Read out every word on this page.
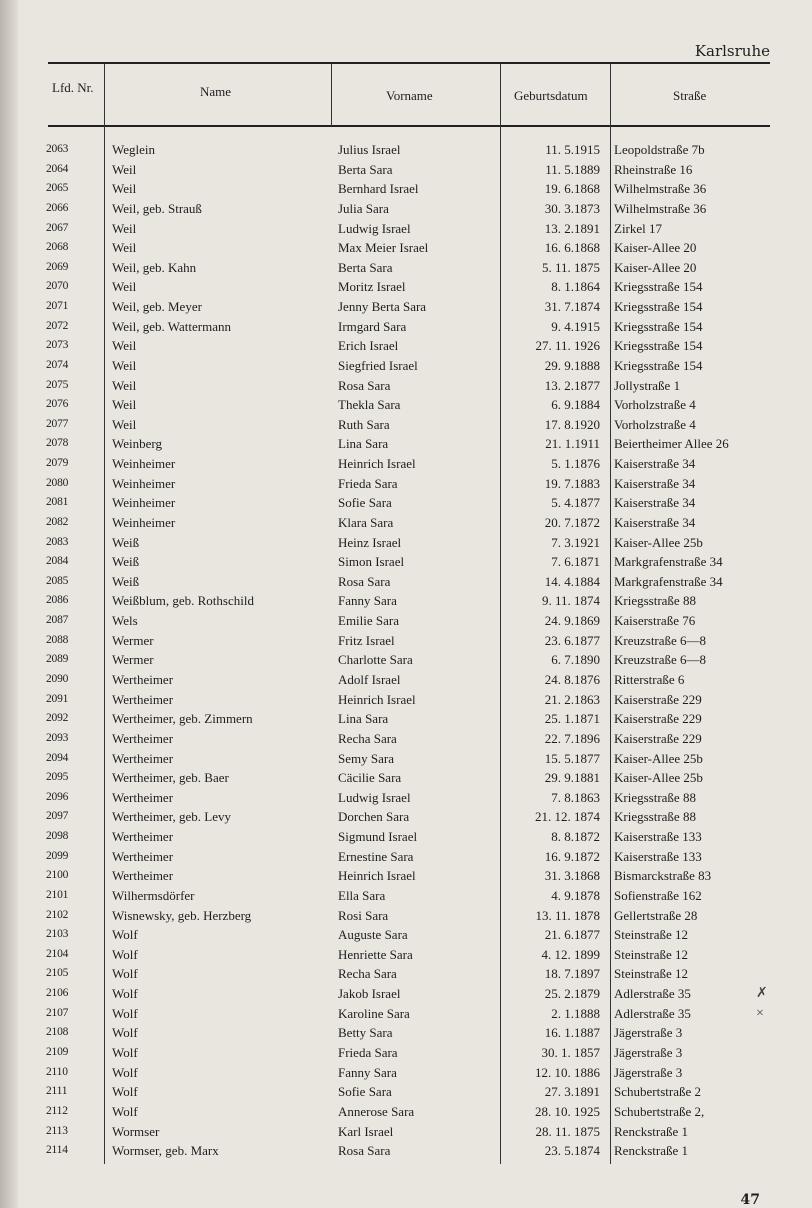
Karlsruhe
Lfd. Nr.	Name	Vorname	Geburtsdatum	Straße
2063	Weglein	Julius Israel	11. 5.1915 Leopoldstraße 7b
2064	Weil	Berta Sara	11. 5.1889 Rheinstraße 16
2065	Weil	Bernhard Israel	19. 6.1868 Wilhelmstraße 36
2066	Weil, geb. Strauß	Julia Sara	30. 3.1873 Wilhelmstraße 36
2067	Weil	Ludwig Israel	13. 2.1891 Zirkel 17
2068	Weil	Max Meier Israel	16. 6.1868 Kaiser-Allee 20
2069	Weil, geb. Kahn	Berta Sara	5. 11. 1875 Kaiser-Allee 20
2070	Weil	Moritz Israel	8. 1.1864 Kriegsstraße 154
2071	Weil, geb. Meyer	Jenny Berta Sara	31. 7.1874 Kriegsstraße 154
2072	Weil, geb. Wattermann	Irmgard Sara	9. 4.1915 Kriegsstraße 154
2073	Weil	Erich Israel	27. 11. 1926 Kriegsstraße 154
2074	Weil	Siegfried Israel	29. 9.1888 Kriegsstraße 154
2075	Weil	Rosa Sara	13. 2.1877 Jollystraße 1
2076	Weil	Thekla Sara	6. 9.1884 Vorholzstraße 4
2077	Weil	Ruth Sara	17. 8.1920 Vorholzstraße 4
2078	Weinberg	Lina Sara	21. 1.1911 Beiertheimer Allee 26
2079	Weinheimer	Heinrich Israel	5. 1.1876 Kaiserstraße 34
2080	Weinheimer	Frieda Sara	19. 7.1883 Kaiserstraße 34
2081	Weinheimer	Sofie Sara	5. 4.1877 Kaiserstraße 34
2082	Weinheimer	Klara Sara	20. 7.1872 Kaiserstraße 34
2083	Weiß	Heinz Israel	7. 3.1921 Kaiser-Allee 25b
2084	Weiß	Simon Israel	7. 6.1871 Markgrafenstraße 34
2085	Weiß	Rosa Sara	14. 4.1884 Markgrafenstraße 34
2086	Weißblum, geb. Rothschild	Fanny Sara	9. 11. 1874 Kriegsstraße 88
2087	Wels	Emilie Sara	24. 9.1869 Kaiserstraße 76
2088	Wermer	Fritz Israel	23. 6.1877 Kreuzstraße 6—8
2089	Wermer	Charlotte Sara	6. 7.1890 Kreuzstraße 6—8
2090	Wertheimer	Adolf Israel	24. 8.1876 Ritterstraße 6
2091	Wertheimer	Heinrich Israel	21. 2.1863 Kaiserstraße 229
2092	Wertheimer, geb. Zimmern	Lina Sara	25. 1.1871 Kaiserstraße 229
2093	Wertheimer	Recha Sara	22. 7.1896 Kaiserstraße 229
2094	Wertheimer	Semy Sara	15. 5.1877 Kaiser-Allee 25b
2095	Wertheimer, geb. Baer	Cäcilie Sara	29. 9.1881 Kaiser-Allee 25b
2096	Wertheimer	Ludwig Israel	7. 8.1863 Kriegsstraße 88
2097	Wertheimer, geb. Levy	Dorchen Sara	21. 12. 1874 Kriegsstraße 88
2098	Wertheimer	Sigmund Israel	8. 8.1872 Kaiserstraße 133
2099	Wertheimer	Ernestine Sara	16. 9.1872 Kaiserstraße 133
2100	Wertheimer	Heinrich Israel	31. 3.1868 Bismarckstraße 83
2101	Wilhermsdörfer	Ella Sara	4. 9.1878 Sofienstraße 162
2102	Wisnewsky, geb. Herzberg	Rosi Sara	13. 11. 1878 Gellertstraße 28
2103	Wolf	Auguste Sara	21. 6.1877 Steinstraße 12
2104	Wolf	Henriette Sara	4. 12. 1899 Steinstraße 12
2105	Wolf	Recha Sara	18. 7.1897 Steinstraße 12
2106	Wolf	Jakob Israel	25. 2.1879 Adlerstraße 35	✗
2107	Wolf	Karoline Sara	2. 1.1888 Adlerstraße 35	×
2108	Wolf	Betty Sara	16. 1.1887 Jägerstraße 3
2109	Wolf	Frieda Sara	30. 1. 1857 Jägerstraße 3
2110	Wolf	Fanny Sara	12. 10. 1886 Jägerstraße 3
2111	Wolf	Sofie Sara	27. 3.1891 Schubertstraße 2
2112	Wolf	Annerose Sara	28. 10. 1925 Schubertstraße 2,
2113	Wormser	Karl Israel	28. 11. 1875 Renckstraße 1
2114	Wormser, geb. Marx	Rosa Sara	23. 5.1874 Renckstraße 1
47
